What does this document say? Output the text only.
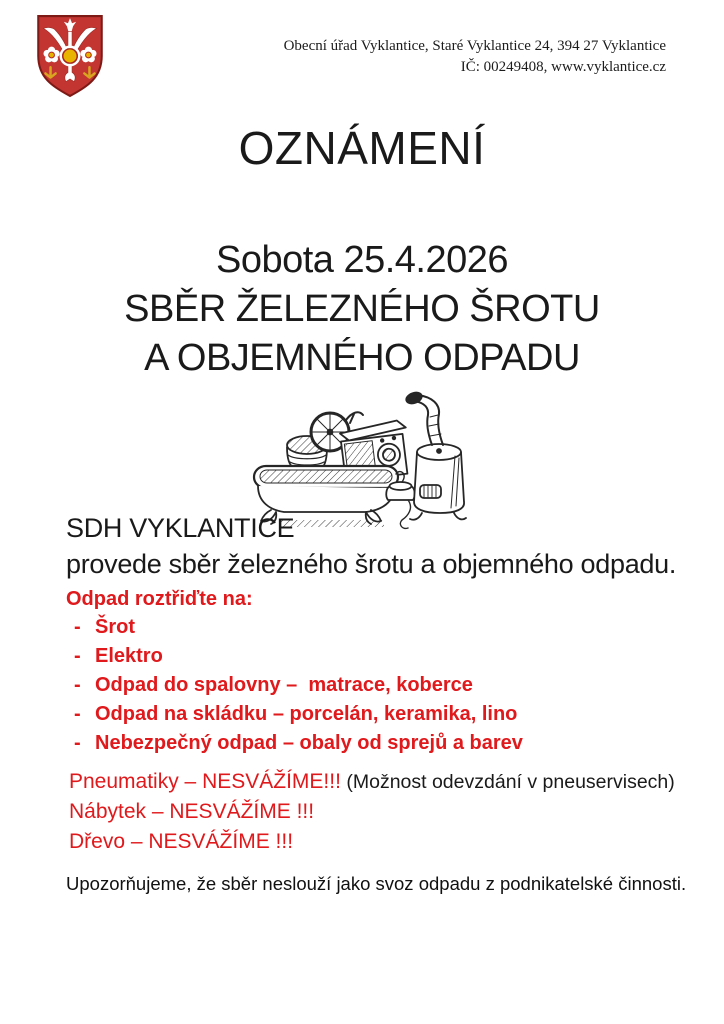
Obecní úřad Vyklantice, Staré Vyklantice 24, 394 27 Vyklantice
IČ: 00249408, www.vyklantice.cz
OZNÁMENÍ
Sobota 25.4.2026
SBĚR ŽELEZNÉHO ŠROTU
A OBJEMNÉHO ODPADU
SDH VYKLANTICE
provede sběr železného šrotu a objemného odpadu.
Odpad roztřiďte na:
- Šrot
- Elektro
- Odpad do spalovny –  matrace, koberce
- Odpad na skládku – porcelán, keramika, lino
- Nebezpečný odpad – obaly od sprejů a barev
Pneumatiky – NESVÁŽÍME!!! (Možnost odevzdání v pneuservisech)
Nábytek – NESVÁŽÍME !!!
Dřevo – NESVÁŽÍME !!!
Upozorňujeme, že sběr neslouží jako svoz odpadu z podnikatelské činnosti.
